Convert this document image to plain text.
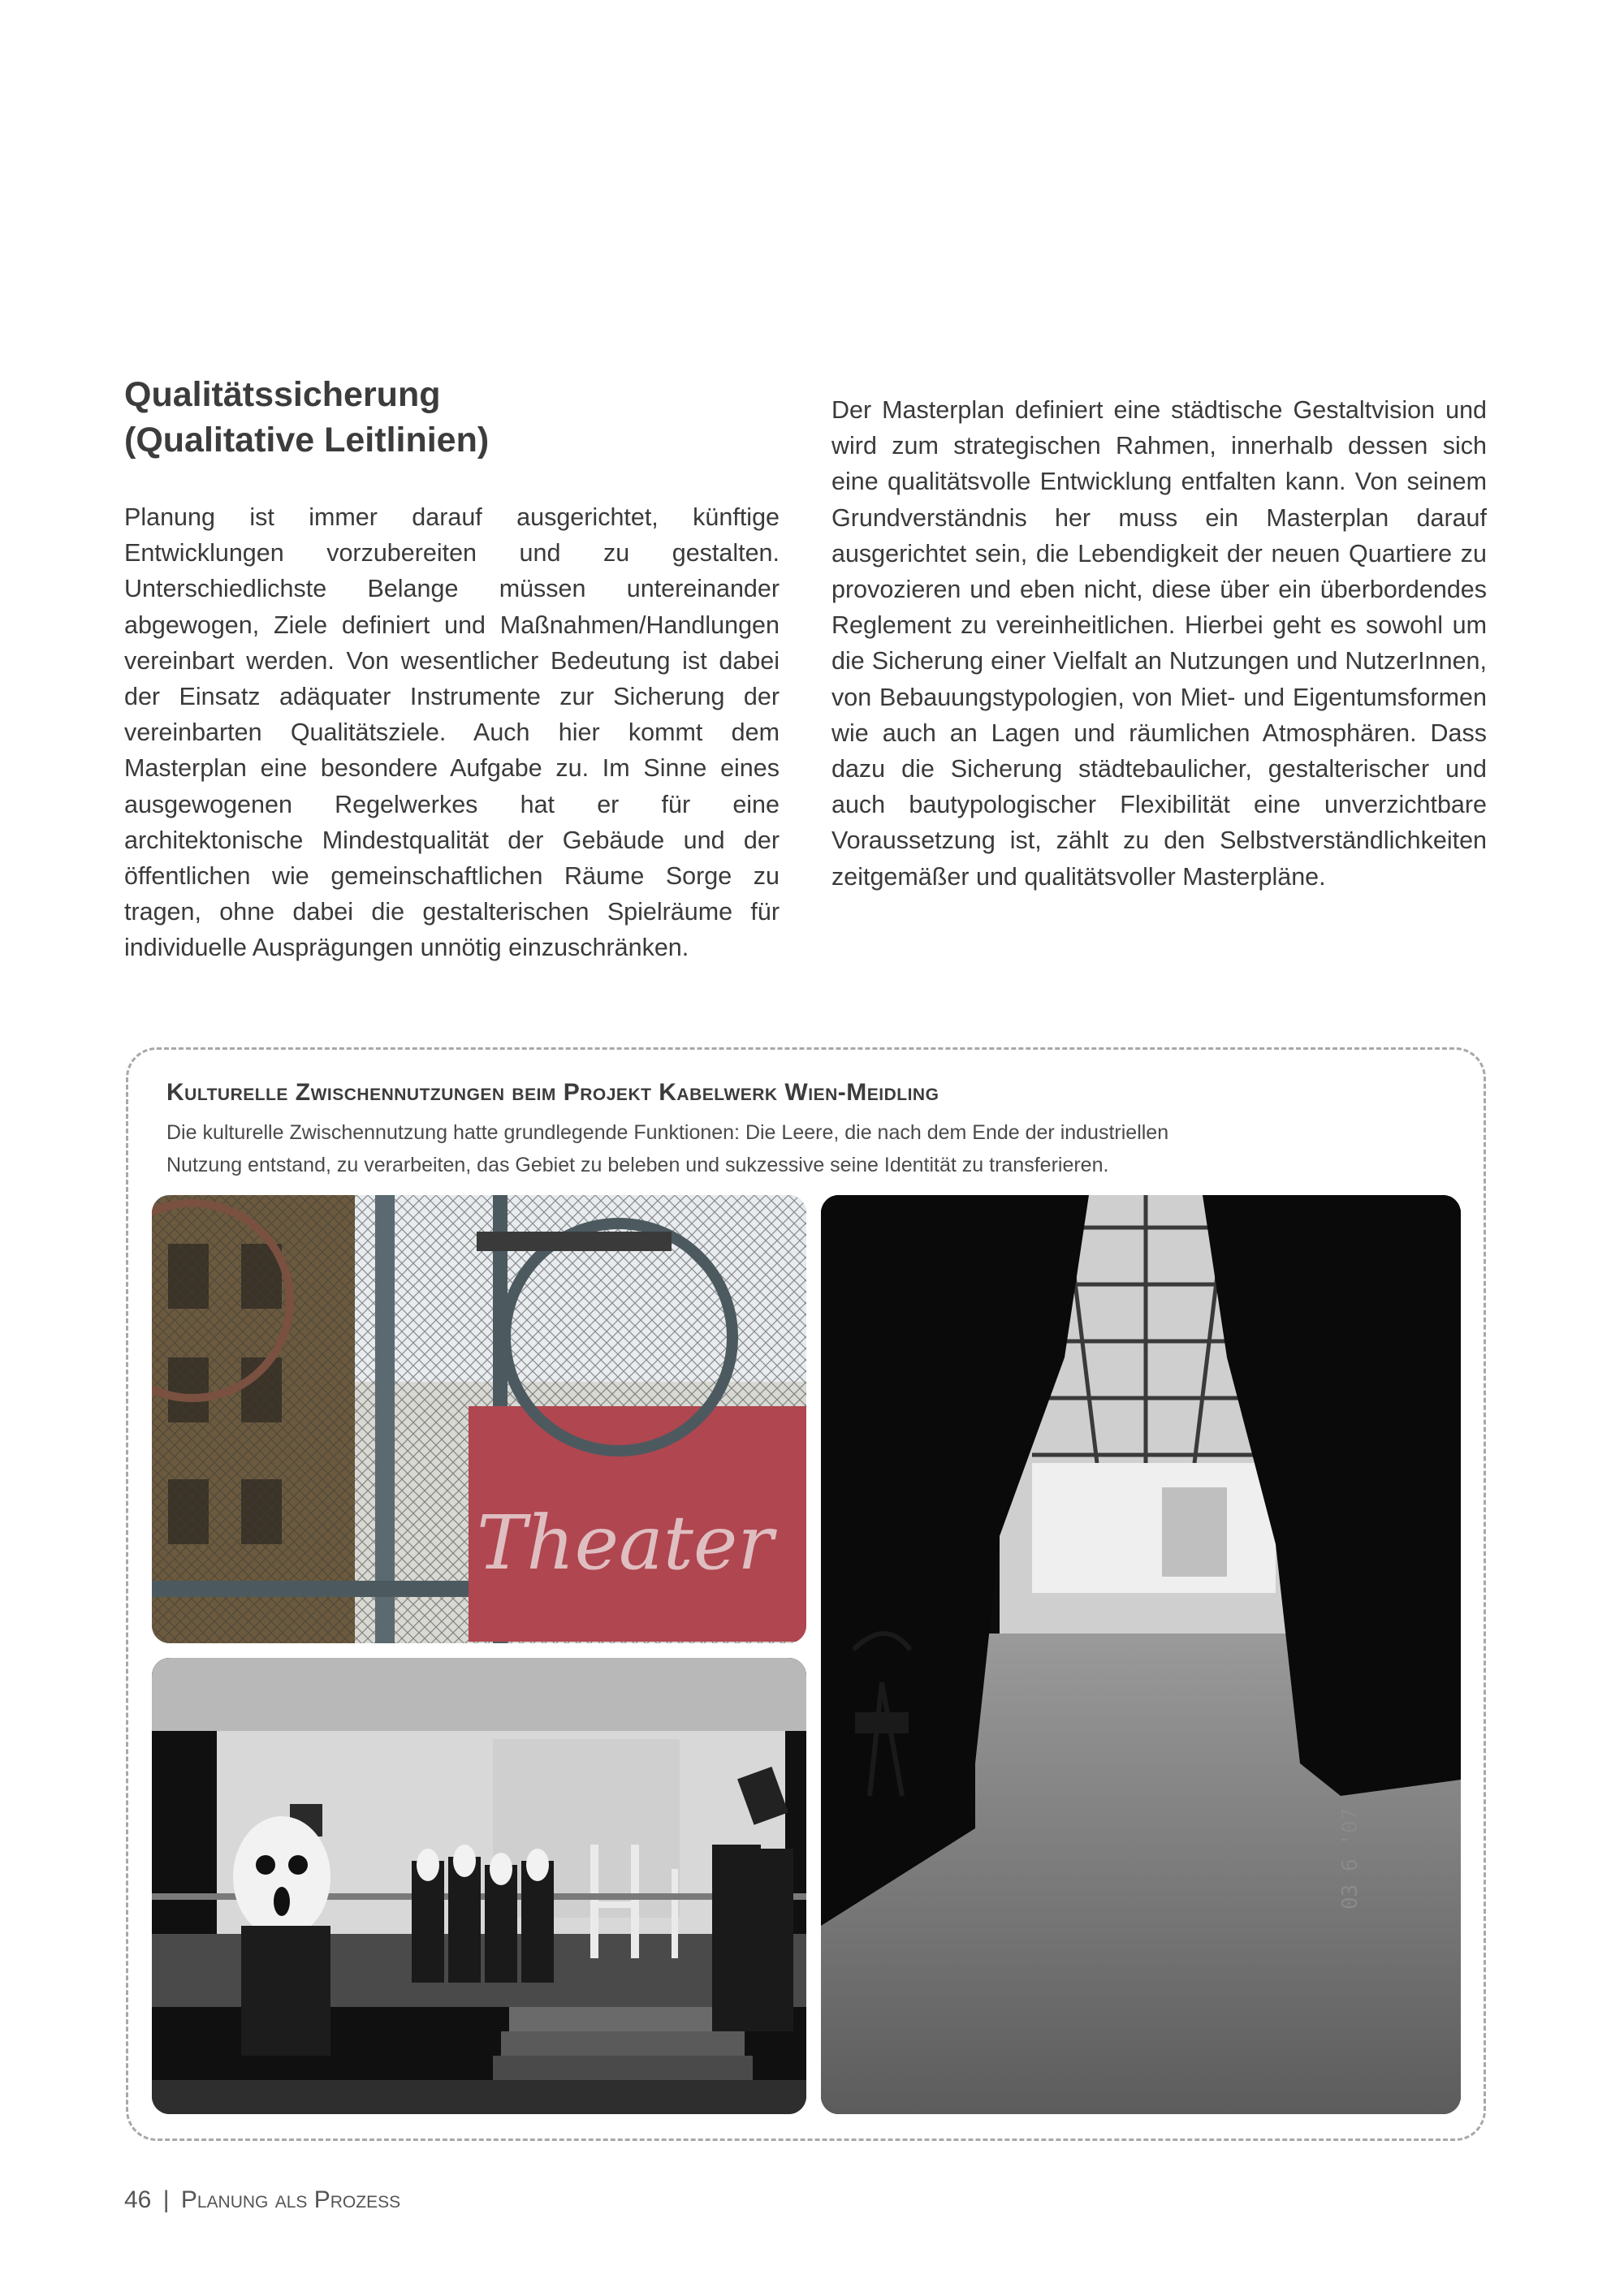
Qualitätssicherung
(Qualitative Leitlinien)

Planung ist immer darauf ausgerichtet, künftige Entwicklungen vorzubereiten und zu gestalten. Unterschiedlichste Belange müssen untereinander abgewogen, Ziele definiert und Maßnahmen/Handlungen vereinbart werden. Von wesentlicher Bedeutung ist dabei der Einsatz adäquater Instrumente zur Sicherung der vereinbarten Qualitätsziele. Auch hier kommt dem Masterplan eine besondere Aufgabe zu. Im Sinne eines ausgewogenen Regelwerkes hat er für eine architektonische Mindestqualität der Gebäude und der öffentlichen wie gemeinschaftlichen Räume Sorge zu tragen, ohne dabei die gestalterischen Spielräume für individuelle Ausprägungen unnötig einzuschränken.

Der Masterplan definiert eine städtische Gestaltvision und wird zum strategischen Rahmen, innerhalb dessen sich eine qualitätsvolle Entwicklung entfalten kann. Von seinem Grundverständnis her muss ein Masterplan darauf ausgerichtet sein, die Lebendigkeit der neuen Quartiere zu provozieren und eben nicht, diese über ein überbordendes Reglement zu vereinheitlichen. Hierbei geht es sowohl um die Sicherung einer Vielfalt an Nutzungen und NutzerInnen, von Bebauungstypologien, von Miet- und Eigentumsformen wie auch an Lagen und räumlichen Atmosphären. Dass dazu die Sicherung städtebaulicher, gestalterischer und auch bautypologischer Flexibilität eine unverzichtbare Voraussetzung ist, zählt zu den Selbstverständlichkeiten zeitgemäßer und qualitätsvoller Masterpläne.

Kulturelle Zwischennutzungen beim Projekt Kabelwerk Wien-Meidling

Die kulturelle Zwischennutzung hatte grundlegende Funktionen: Die Leere, die nach dem Ende der industriellen
Nutzung entstand, zu verarbeiten, das Gebiet zu beleben und sukzessive seine Identität zu transferieren.

Theater
03 6 '07

46 | Planung als Prozess
